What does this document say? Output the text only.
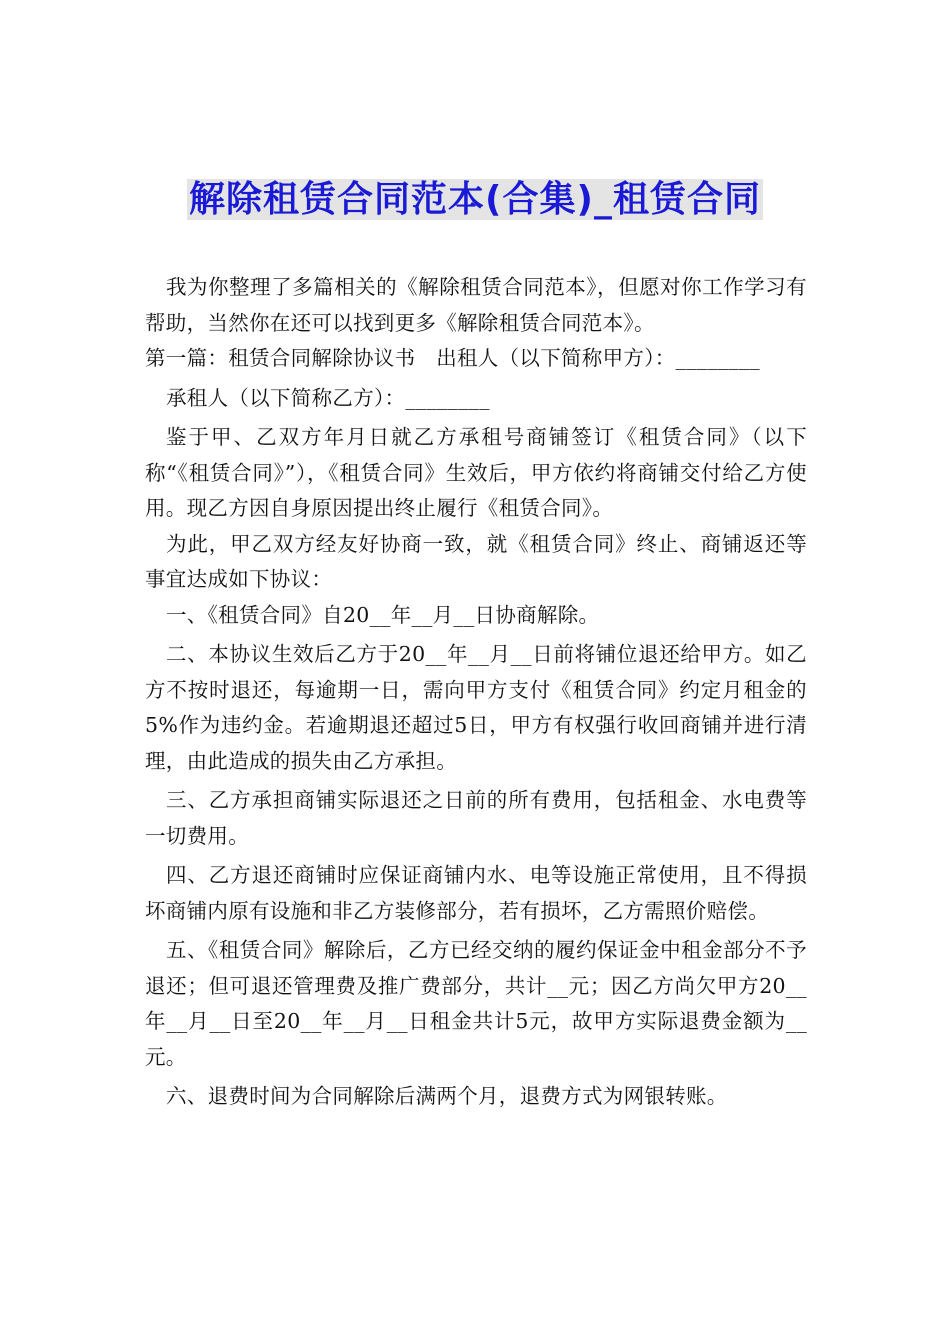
解除租赁合同范本(合集)_租赁合同

我为你整理了多篇相关的《解除租赁合同范本》，但愿对你工作学习有帮助，当然你在还可以找到更多《解除租赁合同范本》。

第一篇：租赁合同解除协议书　出租人（以下简称甲方）：________

承租人（以下简称乙方）：________

鉴于甲、乙双方年月日就乙方承租号商铺签订《租赁合同》（以下称“《租赁合同》”），《租赁合同》生效后，甲方依约将商铺交付给乙方使用。现乙方因自身原因提出终止履行《租赁合同》。

为此，甲乙双方经友好协商一致，就《租赁合同》终止、商铺返还等事宜达成如下协议：

一、《租赁合同》自20__年__月__日协商解除。

二、本协议生效后乙方于20__年__月__日前将铺位退还给甲方。如乙方不按时退还，每逾期一日，需向甲方支付《租赁合同》约定月租金的5%作为违约金。若逾期退还超过5日，甲方有权强行收回商铺并进行清理，由此造成的损失由乙方承担。

三、乙方承担商铺实际退还之日前的所有费用，包括租金、水电费等一切费用。

四、乙方退还商铺时应保证商铺内水、电等设施正常使用，且不得损坏商铺内原有设施和非乙方装修部分，若有损坏，乙方需照价赔偿。

五、《租赁合同》解除后，乙方已经交纳的履约保证金中租金部分不予退还；但可退还管理费及推广费部分，共计__元；因乙方尚欠甲方20__年__月__日至20__年__月__日租金共计5元，故甲方实际退费金额为__元。

六、退费时间为合同解除后满两个月，退费方式为网银转账。
